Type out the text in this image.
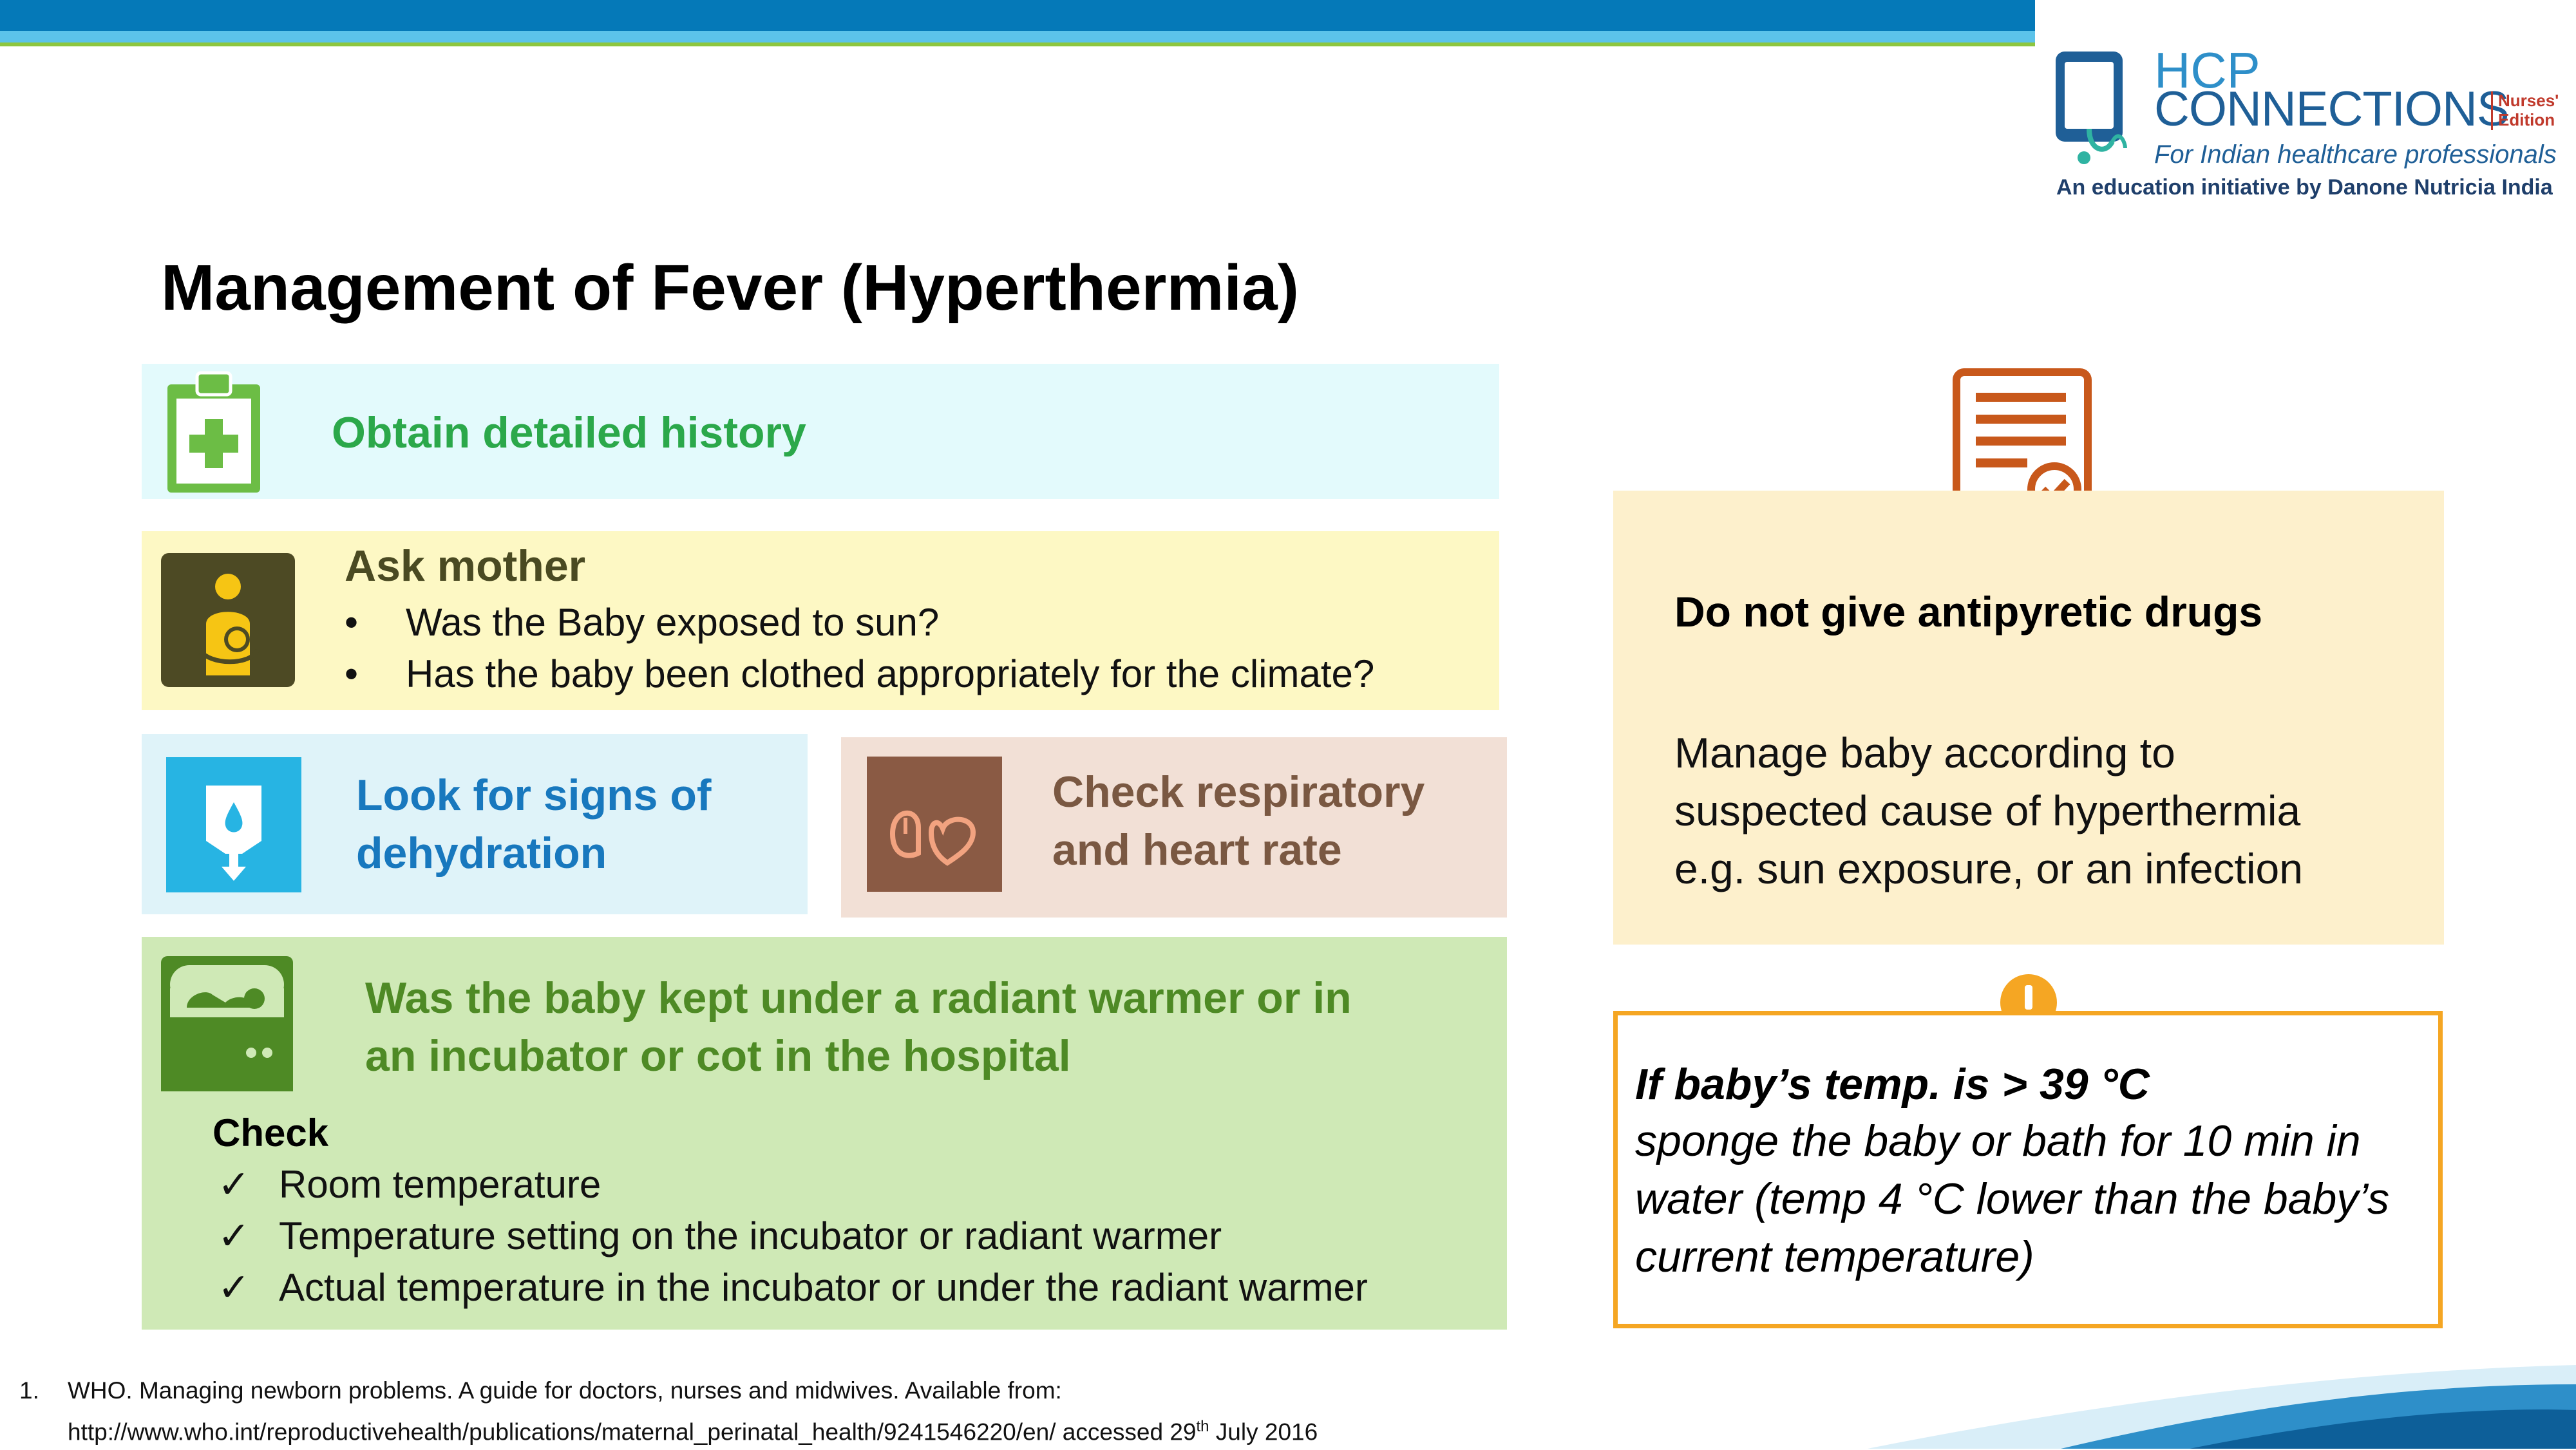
HCP
CONNECTIONS
Nurses'
Edition
For Indian healthcare professionals
An education initiative by Danone Nutricia India
Management of Fever (Hyperthermia)
Obtain detailed history
Ask mother
• Was the Baby exposed to sun?
• Has the baby been clothed appropriately for the climate?
Look for signs of dehydration
Check respiratory and heart rate
Was the baby kept under a radiant warmer or in an incubator or cot in the hospital
Check
✓ Room temperature
✓ Temperature setting on the incubator or radiant warmer
✓ Actual temperature in the incubator or under the radiant warmer
Do not give antipyretic drugs
Manage baby according to suspected cause of hyperthermia e.g. sun exposure, or an infection
If baby’s temp. is > 39 °C
sponge the baby or bath for 10 min in water (temp 4 °C lower than the baby’s current temperature)
1. WHO. Managing newborn problems. A guide for doctors, nurses and midwives. Available from:
http://www.who.int/reproductivehealth/publications/maternal_perinatal_health/9241546220/en/ accessed 29th July 2016
